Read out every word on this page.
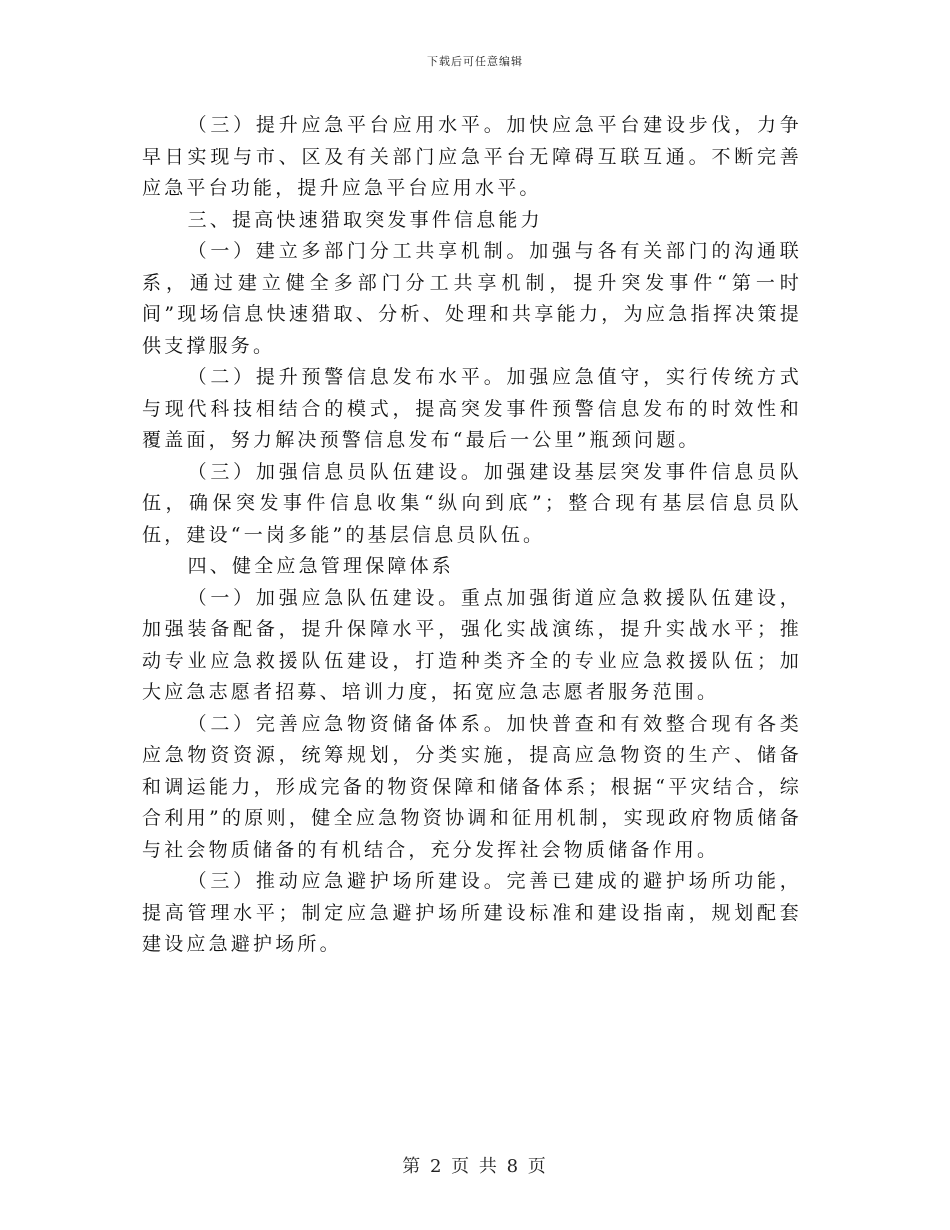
下载后可任意编辑

（三）提升应急平台应用水平。加快应急平台建设步伐，力争早日实现与市、区及有关部门应急平台无障碍互联互通。不断完善应急平台功能，提升应急平台应用水平。

三、提高快速猎取突发事件信息能力

（一）建立多部门分工共享机制。加强与各有关部门的沟通联系，通过建立健全多部门分工共享机制，提升突发事件“第一时间”现场信息快速猎取、分析、处理和共享能力，为应急指挥决策提供支撑服务。

（二）提升预警信息发布水平。加强应急值守，实行传统方式与现代科技相结合的模式，提高突发事件预警信息发布的时效性和覆盖面，努力解决预警信息发布“最后一公里”瓶颈问题。

（三）加强信息员队伍建设。加强建设基层突发事件信息员队伍，确保突发事件信息收集“纵向到底”；整合现有基层信息员队伍，建设“一岗多能”的基层信息员队伍。

四、健全应急管理保障体系

（一）加强应急队伍建设。重点加强街道应急救援队伍建设，加强装备配备，提升保障水平，强化实战演练，提升实战水平；推动专业应急救援队伍建设，打造种类齐全的专业应急救援队伍；加大应急志愿者招募、培训力度，拓宽应急志愿者服务范围。

（二）完善应急物资储备体系。加快普查和有效整合现有各类应急物资资源，统筹规划，分类实施，提高应急物资的生产、储备和调运能力，形成完备的物资保障和储备体系；根据“平灾结合，综合利用”的原则，健全应急物资协调和征用机制，实现政府物质储备与社会物质储备的有机结合，充分发挥社会物质储备作用。

（三）推动应急避护场所建设。完善已建成的避护场所功能，提高管理水平；制定应急避护场所建设标准和建设指南，规划配套建设应急避护场所。

第 2 页 共 8 页
